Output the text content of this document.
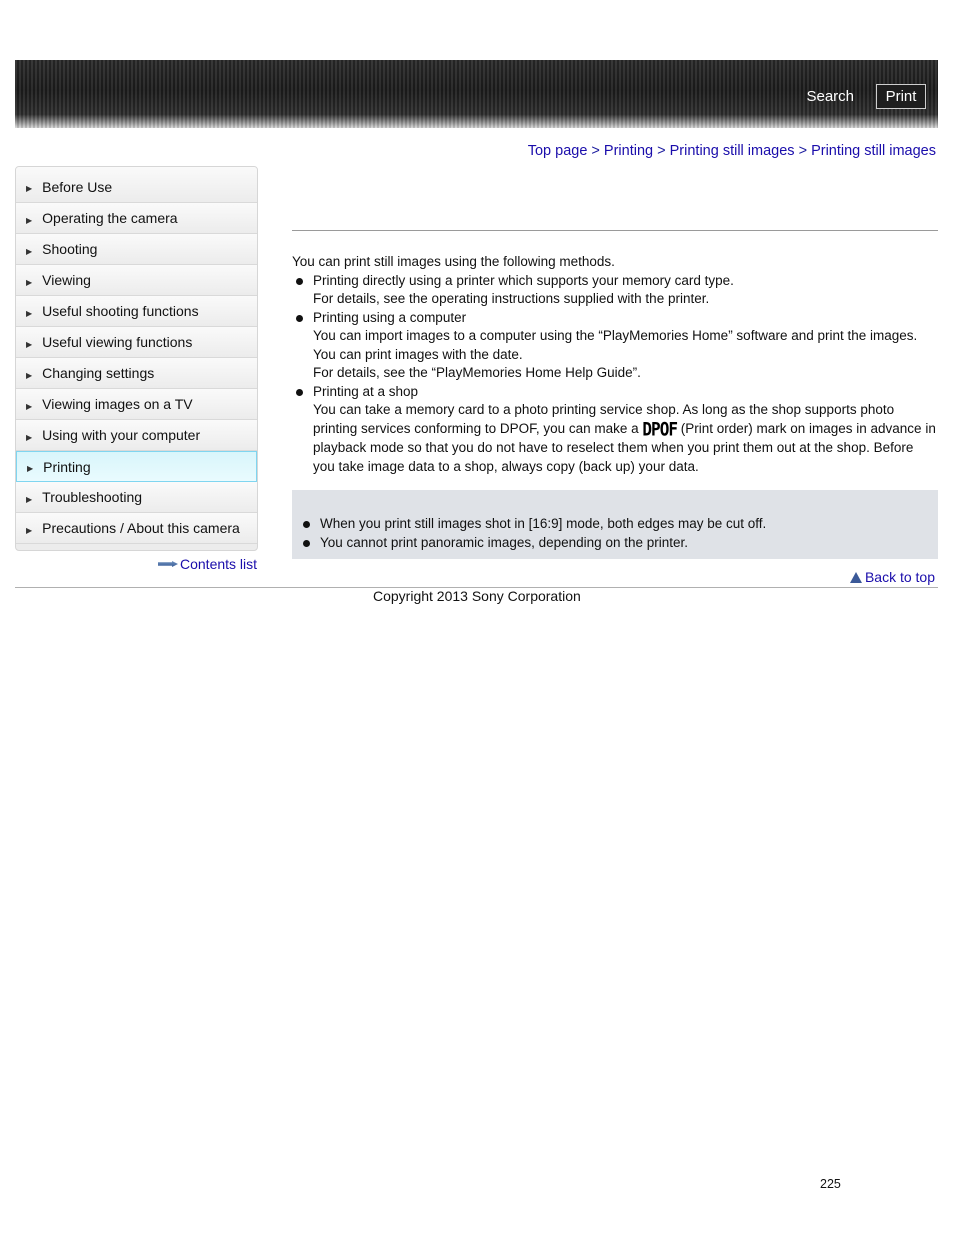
Search	Print
Top page > Printing > Printing still images > Printing still images
▶ Before Use
▶ Operating the camera
▶ Shooting
▶ Viewing
▶ Useful shooting functions
▶ Useful viewing functions
▶ Changing settings
▶ Viewing images on a TV
▶ Using with your computer
▶ Printing
▶ Troubleshooting
▶ Precautions / About this camera
Contents list

You can print still images using the following methods.

Printing directly using a printer which supports your memory card type.
For details, see the operating instructions supplied with the printer.
Printing using a computer
You can import images to a computer using the “PlayMemories Home” software and print the images. You can print images with the date.
For details, see the “PlayMemories Home Help Guide”.
Printing at a shop
You can take a memory card to a photo printing service shop. As long as the shop supports photo printing services conforming to DPOF, you can make a DPOF (Print order) mark on images in advance in playback mode so that you do not have to reselect them when you print them out at the shop. Before you take image data to a shop, always copy (back up) your data.
When you print still images shot in [16:9] mode, both edges may be cut off.
You cannot print panoramic images, depending on the printer.
Back to top
Copyright 2013 Sony Corporation
225
